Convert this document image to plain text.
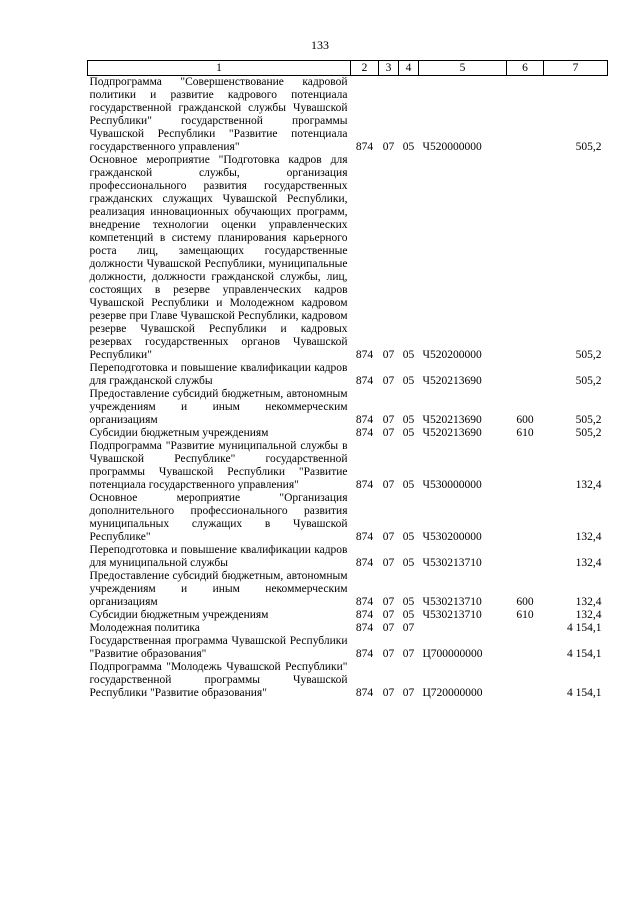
133
1	2	3	4	5	6	7
Подпрограмма "Совершенствование кадровой политики и развитие кадрового потенциала государственной гражданской службы Чувашской Республики" государственной программы Чувашской Республики "Развитие потенциала государственного управления"	874	07	05	Ч520000000		505,2
Основное мероприятие "Подготовка кадров для гражданской службы, организация профессионального развития государственных гражданских служащих Чувашской Республики, реализация инновационных обучающих программ, внедрение технологии оценки управленческих компетенций в систему планирования карьерного роста лиц, замещающих государственные должности Чувашской Республики, муниципальные должности, должности гражданской службы, лиц, состоящих в резерве управленческих кадров Чувашской Республики и Молодежном кадровом резерве при Главе Чувашской Республики, кадровом резерве Чувашской Республики и кадровых резервах государственных органов Чувашской Республики"	874	07	05	Ч520200000		505,2
Переподготовка и повышение квалификации кадров для гражданской службы	874	07	05	Ч520213690		505,2
Предоставление субсидий бюджетным, автономным учреждениям и иным некоммерческим организациям	874	07	05	Ч520213690	600	505,2
Субсидии бюджетным учреждениям	874	07	05	Ч520213690	610	505,2
Подпрограмма "Развитие муниципальной службы в Чувашской Республике" государственной программы Чувашской Республики "Развитие потенциала государственного управления"	874	07	05	Ч530000000		132,4
Основное мероприятие "Организация дополнительного профессионального развития муниципальных служащих в Чувашской Республике"	874	07	05	Ч530200000		132,4
Переподготовка и повышение квалификации кадров для муниципальной службы	874	07	05	Ч530213710		132,4
Предоставление субсидий бюджетным, автономным учреждениям и иным некоммерческим организациям	874	07	05	Ч530213710	600	132,4
Субсидии бюджетным учреждениям	874	07	05	Ч530213710	610	132,4
Молодежная политика	874	07	07			4 154,1
Государственная программа Чувашской Республики "Развитие образования"	874	07	07	Ц700000000		4 154,1
Подпрограмма "Молодежь Чувашской Республики" государственной программы Чувашской Республики "Развитие образования"	874	07	07	Ц720000000		4 154,1
